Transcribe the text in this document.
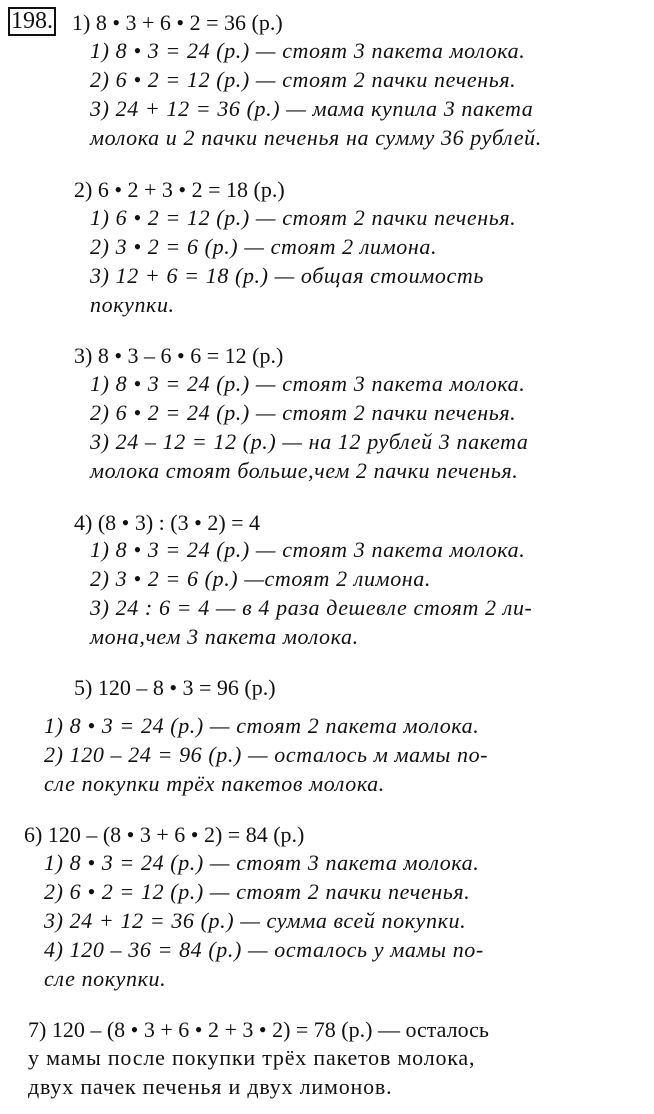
198. 1) 8 • 3 + 6 • 2 = 36 (р.)
1) 8 • 3 = 24 (р.) — стоят 3 пакета молока.
2) 6 • 2 = 12 (р.) — стоят 2 пачки печенья.
3) 24 + 12 = 36 (р.) — мама купила 3 пакета
молока и 2 пачки печенья на сумму 36 рублей.
2) 6 • 2 + 3 • 2 = 18 (р.)
1) 6 • 2 = 12 (р.) — стоят 2 пачки печенья.
2) 3 • 2 = 6 (р.) — стоят 2 лимона.
3) 12 + 6 = 18 (р.) — общая стоимость
покупки.
3) 8 • 3 – 6 • 6 = 12 (р.)
1) 8 • 3 = 24 (р.) — стоят 3 пакета молока.
2) 6 • 2 = 24 (р.) — стоят 2 пачки печенья.
3) 24 – 12 = 12 (р.) — на 12 рублей 3 пакета
молока стоят больше,чем 2 пачки печенья.
4) (8 • 3) : (3 • 2) = 4
1) 8 • 3 = 24 (р.) — стоят 3 пакета молока.
2) 3 • 2 = 6 (р.) —стоят 2 лимона.
3) 24 : 6 = 4 — в 4 раза дешевле стоят 2 ли-
мона,чем 3 пакета молока.
5) 120 – 8 • 3 = 96 (р.)
1) 8 • 3 = 24 (р.) — стоят 2 пакета молока.
2) 120 – 24 = 96 (р.) — осталось м мамы по-
сле покупки трёх пакетов молока.
6) 120 – (8 • 3 + 6 • 2) = 84 (р.)
1) 8 • 3 = 24 (р.) — стоят 3 пакета молока.
2) 6 • 2 = 12 (р.) — стоят 2 пачки печенья.
3) 24 + 12 = 36 (р.) — сумма всей покупки.
4) 120 – 36 = 84 (р.) — осталось у мамы по-
сле покупки.
7) 120 – (8 • 3 + 6 • 2 + 3 • 2) = 78 (р.) — осталось
у мамы после покупки трёх пакетов молока,
двух пачек печенья и двух лимонов.
